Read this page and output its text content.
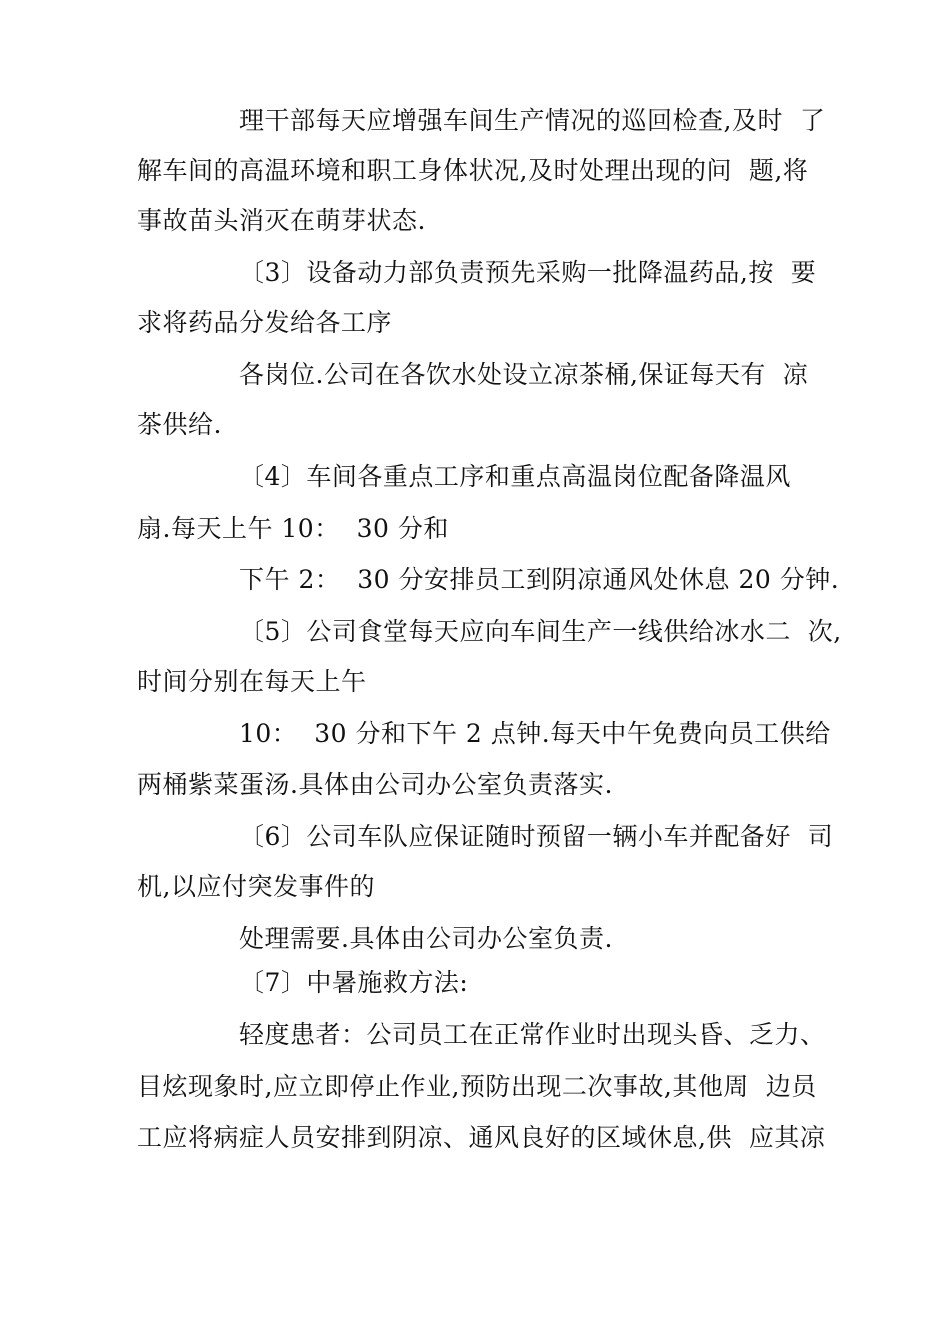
理干部每天应增强车间生产情况的巡回检查,及时  了
解车间的高温环境和职工身体状况,及时处理出现的问  题,将
事故苗头消灭在萌芽状态.
〔3〕设备动力部负责预先采购一批降温药品,按  要
求将药品分发给各工序
各岗位.公司在各饮水处设立凉茶桶,保证每天有  凉
茶供给.
〔4〕车间各重点工序和重点高温岗位配备降温风
扇.每天上午 10：  30 分和
下午 2：  30 分安排员工到阴凉通风处休息 20 分钟.
〔5〕公司食堂每天应向车间生产一线供给冰水二  次,
时间分别在每天上午
10：  30 分和下午 2 点钟.每天中午免费向员工供给
两桶紫菜蛋汤.具体由公司办公室负责落实.
〔6〕公司车队应保证随时预留一辆小车并配备好  司
机,以应付突发事件的
处理需要.具体由公司办公室负责.
〔7〕中暑施救方法:
轻度患者：公司员工在正常作业时出现头昏、乏力、
目炫现象时,应立即停止作业,预防出现二次事故,其他周  边员
工应将病症人员安排到阴凉、通风良好的区域休息,供  应其凉
